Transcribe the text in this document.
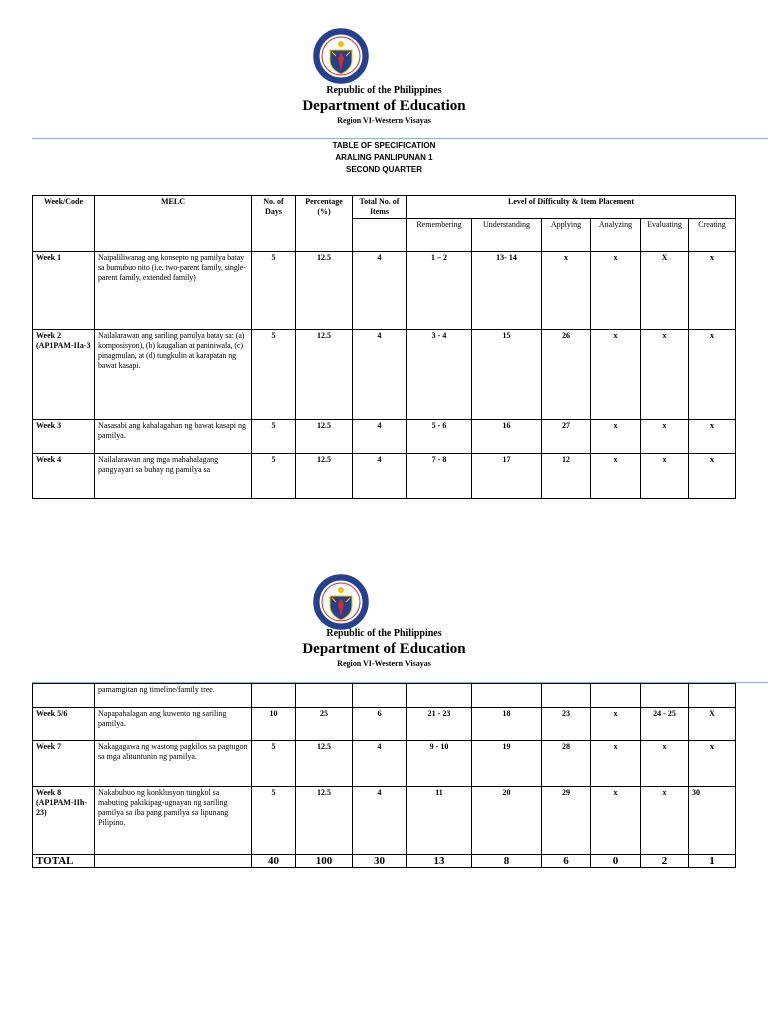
Republic of the Philippines
Department of Education
Region VI-Western Visayas
TABLE OF SPECIFICATION
ARALING PANLIPUNAN 1
SECOND QUARTER
Week/Code	MELC	No. of Days	Percentage (%)	Total No. of Items	Level of Difficulty & Item Placement					
					Remembering	Understanding	Applying	Analyzing	Evaluating	Creating
Week 1	Naipaliliwanag ang konsepto ng pamilya batay sa bumubuo nito (i.e. two-parent family, single-parent family, extended family)	5	12.5	4	1 – 2	13- 14	x	x	X	x
Week 2 (AP1PAM-IIa-3	Nailalarawan ang sariling pamilya batay sa: (a) komposisyon), (b) kaugalian at paniniwala, (c) pinagmulan, at (d) tungkulin at karapatan ng bawat kasapi.	5	12.5	4	3 - 4	15	26	x	x	x
Week 3	Nasasabi ang kahalagahan ng bawat kasapi ng pamilya.	5	12.5	4	5 - 6	16	27	x	x	x
Week 4	Nailalarawan ang mga mahahalagang pangyayari sa buhay ng pamilya sa	5	12.5	4	7 - 8	17	12	x	x	x
Republic of the Philippines
Department of Education
Region VI-Western Visayas
	pamamgitan ng timeline/family tree.									
Week 5/6	Napapahalagan ang kuwento ng sariling pamilya.	10	25	6	21 - 23	18	23	x	24 - 25	X
Week 7	Nakagagawa ng wastong pagkilos sa pagtugon sa mga alituntunin ng pamilya.	5	12.5	4	9 - 10	19	28	x	x	x
Week 8 (AP1PAM-IIh-23)	Nakabubuo ng konklusyon tungkol sa mabuting pakikipag-ugnayan ng sariling pamilya sa iba pang pamilya sa lipunang Pilipino.	5	12.5	4	11	20	29	x	x	30
TOTAL		40	100	30	13	8	6	0	2	1
